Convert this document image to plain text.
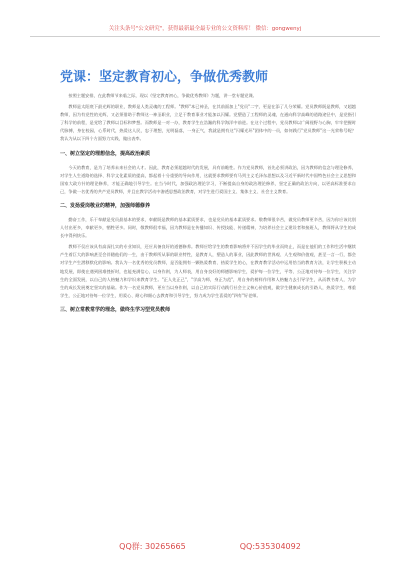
关注头条号"公文研究"，获得最新最全最专业的公文资料库！ 微信：gongwenyj
党课：坚定教育初心，争做优秀教师

按照主题安排，在此教师节来临之际，现以《坚定教育初心，争做优秀教师》为题，讲一堂专题党课。

教师是太阳底下最光辉的职业，教师是人类灵魂的工程师。"教师"本已神圣，在其前面加上"党员"二字，更是在添了几分荣耀。党员教师既是教师，又超越教师，因为有党性的光辉，又必须借助于教师这一神圣职业，立足于教育事业才能加以闪耀。党塑造了工程师的灵魂，在通向科学高峰的道路途径中，是党指引了科学的前程，是党给了教师以目标和梦想。而教师是一对一办，教育学生在浩瀚的科学海洋中前进。在这个过程中，党员教师以广阔视野与心胸，牢牢把握时代脉搏，身在校园，心系时代，热爱这人民，忠于理想，光明磊落，一身正气，我就是拥有这"闪耀光环"团体中的一员，如何践行"党员教师"这一光荣称号呢？我认为从以下四个方面努力实践，做出表率。

一、树立坚定的理想信念，提高政治素质

今天的教育，是为了培养未来社会的人才。因此，教育必须超越时代的发展，具有前瞻性。作为党员教师，首先必须讲政治，因为教师的信念与理论修养，对学生人生道路的选择、科学文化素质的提高，都起着十分重要的导向作用，这就要求教师要有马列主义毛泽东思想以及习近平新时代中国特色社会主义思想和国家大政方针的理论修养，才能正确地引导学生。在当今时代，加强政治理论学习，不断提高自身的政治理论修养，坚定正确的政治方向，以更高标准要求自己，争做一名优秀的共产党员教师，并且在教学活动中渗透思想政治教育，对学生进行爱国主义、集体主义、社会主义教育。

二、发扬爱岗敬业的精神，加强师德修养

勤奋工作，乐于奉献是党员最基本的要求，奉献既是教师的基本素质要求，也是党员的基本素质要求。敬教师很辛苦，做党员教师更辛苦，因为你应该比别人付出更多，奉献更多，牺牲更多。同时，敬教师很幸福，因为教师是在传播知识、传授技能、传递精神，为培养社会主义建设者和接班人，教师将从学生的成长中得到快乐。

教师不仅应该具有高深扎实的专业知识，还应具备良好的道德修养。教师应给学生的教育影响将并不因学生的毕业而终止，而是在他们的工作和生活中继续产生着巨大的影响甚至会伴随他们的一生，由于教师所从事的职业特性，是教育人，塑造人的事业，因此教师的世界观、人生观和价值观，甚至一言一行，都会对学生产生潜移默化的影响。我认为一名优秀的党员教师，是否能拥有一颗热爱教育、热爱学生的心，在教育教学活动中运用恰当的教育方法，让学生积极主动地发展，即使在遇到困难挫折时，也能充满信心，以身作则，为人师表，用自身良好的师德影响学生，爱护每一位学生，平等、公正地对待每一位学生，关注学生的全面发展，以自己的人格魅力和学识来教育学生。"正人先正己"，"学高为师，身正为范"，用自身的榜样作用和人格魅力去引导学生，从而教书育人，为学生的成长发展奠定坚实的基础。作为一名党员教师，更应当以身作则，以自己的实际行动践行社会主义核心价值观，做学生健康成长的引路人，热爱学生，尊重学生，公正地对待每一位学生，用爱心、耐心和细心去教育和引导学生，努力成为学生喜爱的"四有"好老师。

三、树立常教常学的理念，做终生学习型党员教师

QQ群: 30265665	QQ:535304092
